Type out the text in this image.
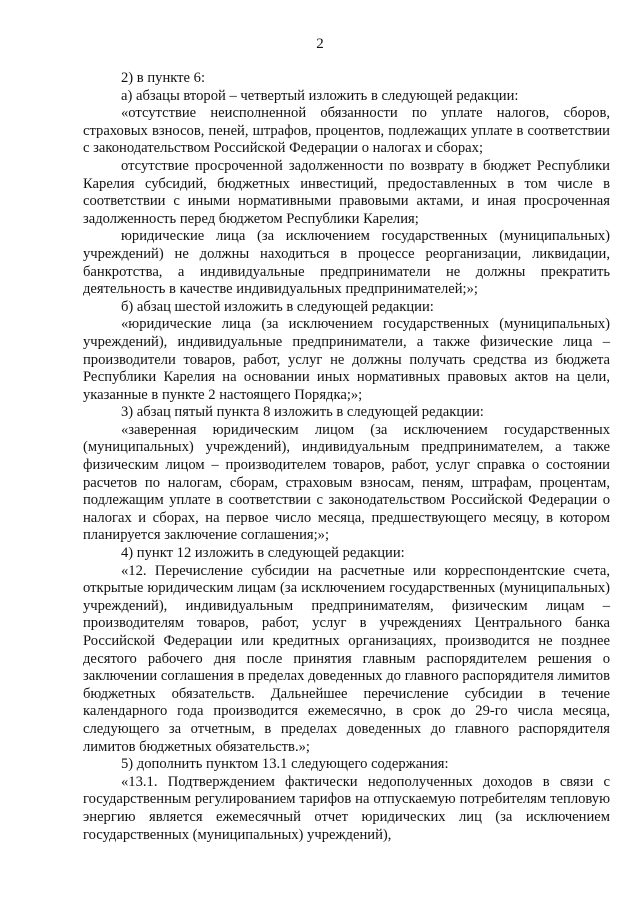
2

2) в пункте 6:

а) абзацы второй – четвертый изложить в следующей редакции:

«отсутствие неисполненной обязанности по уплате налогов, сборов, страховых взносов, пеней, штрафов, процентов, подлежащих уплате в соответствии с законодательством Российской Федерации о налогах и сборах;

отсутствие просроченной задолженности по возврату в бюджет Республики Карелия субсидий, бюджетных инвестиций, предоставленных в том числе в соответствии с иными нормативными правовыми актами, и иная просроченная задолженность перед бюджетом Республики Карелия;

юридические лица (за исключением государственных (муниципальных) учреждений) не должны находиться в процессе реорганизации, ликвидации, банкротства, а индивидуальные предприниматели не должны прекратить деятельность в качестве индивидуальных предпринимателей;»;

б) абзац шестой изложить в следующей редакции:

«юридические лица (за исключением государственных (муниципальных) учреждений), индивидуальные предприниматели, а также физические лица – производители товаров, работ, услуг не должны получать средства из бюджета Республики Карелия на основании иных нормативных правовых актов на цели, указанные в пункте 2 настоящего Порядка;»;

3) абзац пятый пункта 8 изложить в следующей редакции:

«заверенная юридическим лицом (за исключением государственных (муниципальных) учреждений), индивидуальным предпринимателем, а также физическим лицом – производителем товаров, работ, услуг справка о состоянии расчетов по налогам, сборам, страховым взносам, пеням, штрафам, процентам, подлежащим уплате в соответствии с законодательством Российской Федерации о налогах и сборах, на первое число месяца, предшествующего месяцу, в котором планируется заключение соглашения;»;

4) пункт 12 изложить в следующей редакции:

«12. Перечисление субсидии на расчетные или корреспондентские счета, открытые юридическим лицам (за исключением государственных (муниципальных) учреждений), индивидуальным предпринимателям, физическим лицам – производителям товаров, работ, услуг в учреждениях Центрального банка Российской Федерации или кредитных организациях, производится не позднее десятого рабочего дня после принятия главным распорядителем решения о заключении соглашения в пределах доведенных до главного распорядителя лимитов бюджетных обязательств. Дальнейшее перечисление субсидии в течение календарного года производится ежемесячно, в срок до 29-го числа месяца, следующего за отчетным, в пределах доведенных до главного распорядителя лимитов бюджетных обязательств.»;

5) дополнить пунктом 13.1 следующего содержания:

«13.1. Подтверждением фактически недополученных доходов в связи с государственным регулированием тарифов на отпускаемую потребителям тепловую энергию является ежемесячный отчет юридических лиц (за исключением государственных (муниципальных) учреждений),
